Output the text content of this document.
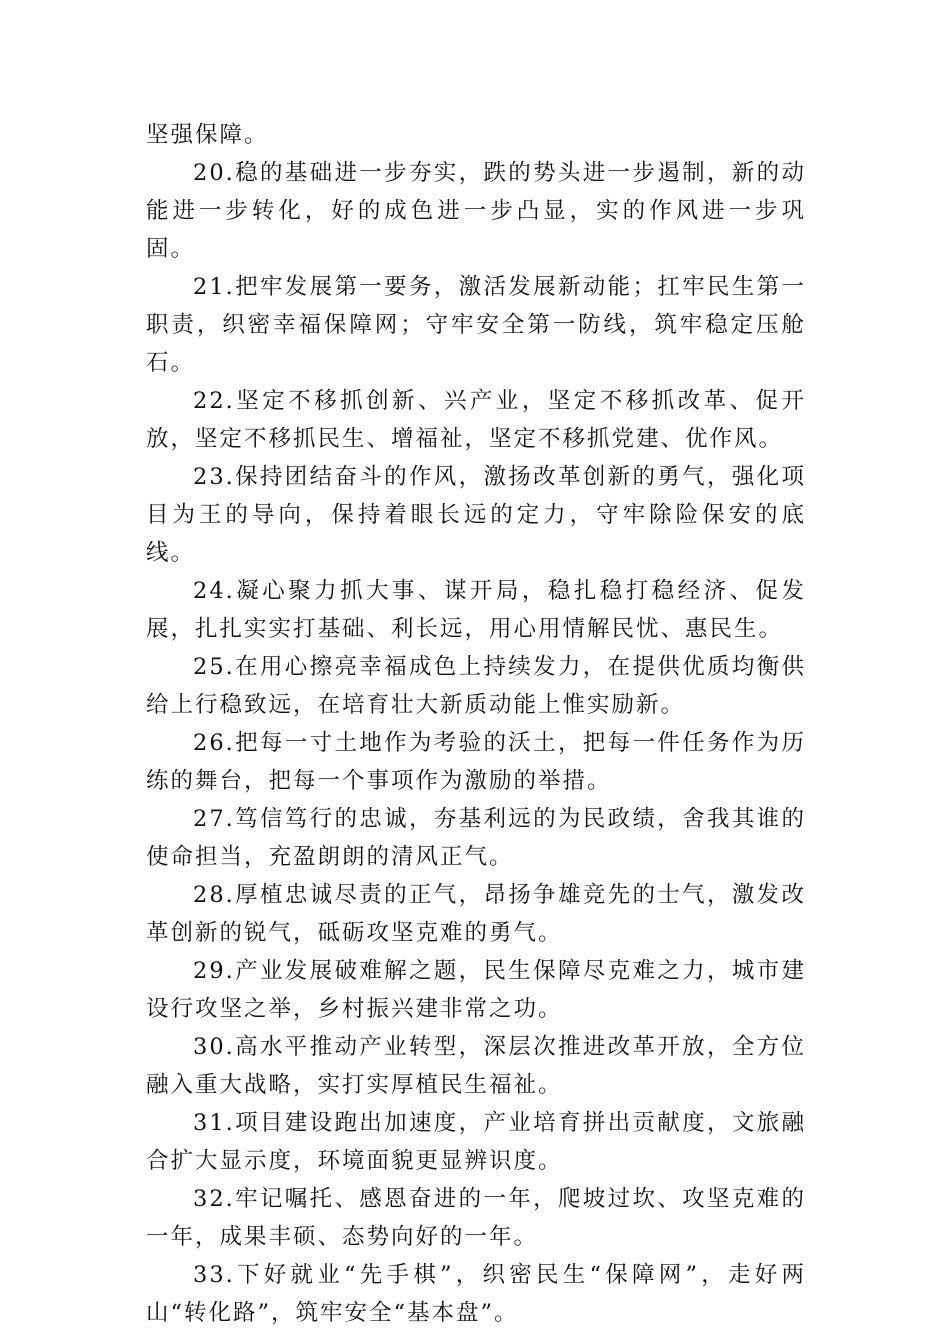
坚强保障。

20.稳的基础进一步夯实，跌的势头进一步遏制，新的动能进一步转化，好的成色进一步凸显，实的作风进一步巩固。

21.把牢发展第一要务，激活发展新动能；扛牢民生第一职责，织密幸福保障网；守牢安全第一防线，筑牢稳定压舱石。

22.坚定不移抓创新、兴产业，坚定不移抓改革、促开放，坚定不移抓民生、增福祉，坚定不移抓党建、优作风。

23.保持团结奋斗的作风，激扬改革创新的勇气，强化项目为王的导向，保持着眼长远的定力，守牢除险保安的底线。

24.凝心聚力抓大事、谋开局，稳扎稳打稳经济、促发展，扎扎实实打基础、利长远，用心用情解民忧、惠民生。

25.在用心擦亮幸福成色上持续发力，在提供优质均衡供给上行稳致远，在培育壮大新质动能上惟实励新。

26.把每一寸土地作为考验的沃土，把每一件任务作为历练的舞台，把每一个事项作为激励的举措。

27.笃信笃行的忠诚，夯基利远的为民政绩，舍我其谁的使命担当，充盈朗朗的清风正气。

28.厚植忠诚尽责的正气，昂扬争雄竞先的士气，激发改革创新的锐气，砥砺攻坚克难的勇气。

29.产业发展破难解之题，民生保障尽克难之力，城市建设行攻坚之举，乡村振兴建非常之功。

30.高水平推动产业转型，深层次推进改革开放，全方位融入重大战略，实打实厚植民生福祉。

31.项目建设跑出加速度，产业培育拼出贡献度，文旅融合扩大显示度，环境面貌更显辨识度。

32.牢记嘱托、感恩奋进的一年，爬坡过坎、攻坚克难的一年，成果丰硕、态势向好的一年。

33.下好就业“先手棋”，织密民生“保障网”，走好两山“转化路”，筑牢安全“基本盘”。
